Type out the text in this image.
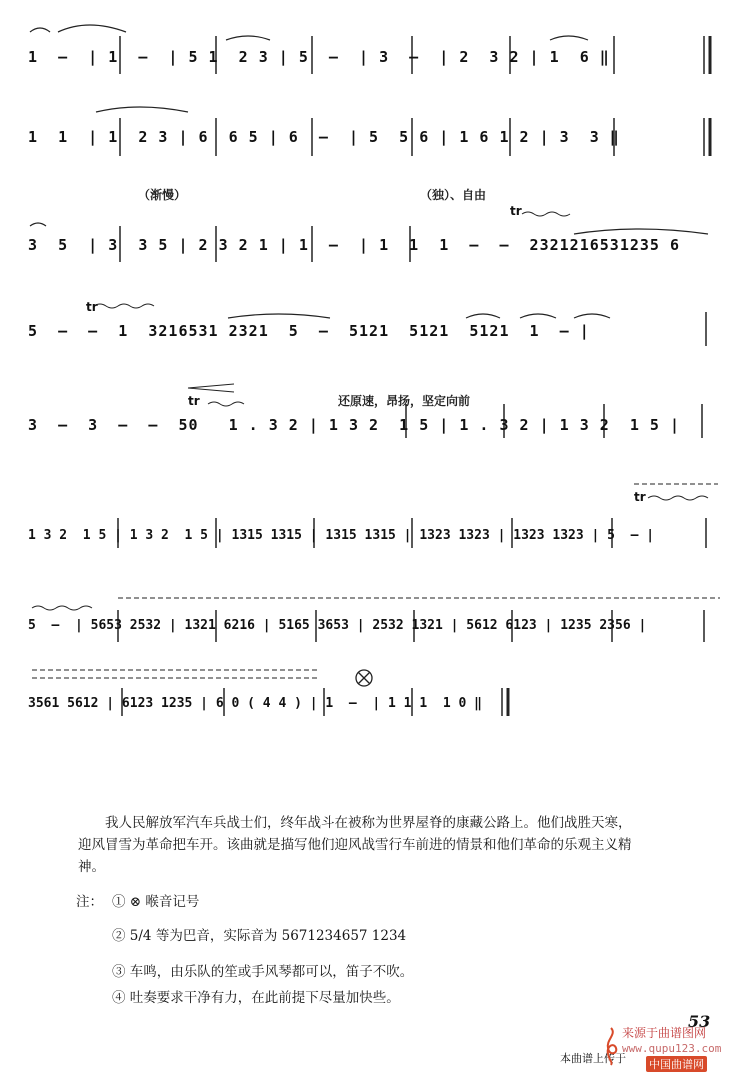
1  –  | 1  –  | 5 1  2 3 | 5  –  | 3  –  | 2  3 2 | 1  6 ‖
1  1  | 1  2 3 | 6  6 5 | 6  –  | 5  5 6 | 1 6 1 2 | 3  3 ‖
（渐慢）	（独）、自由
tr
3  5  | 3  3 5 | 2 3 2 1 | 1  –  | 1  1  1  –  –  2321216531235 6
tr
5  –  –  1  3216531 2321  5  –  5121  5121  5121  1  – |
还原速，昂扬，坚定向前
tr
3  –  3  –  –  50   1 . 3 2 | 1 3 2  1 5 | 1 . 3 2 | 1 3 2  1 5 |
tr
1 3 2  1 5 | 1 3 2  1 5 | 1315 1315 | 1315 1315 | 1323 1323 | 1323 1323 | 5  – |
5  –  | 5653 2532 | 1321 6216 | 5165 3653 | 2532 1321 | 5612 6123 | 1235 2356 |
3561 5612 | 6123 1235 | 6 0 ( 4 4 ) | 1  –  | 1 1 1  1 0 ‖

我人民解放军汽车兵战士们，终年战斗在被称为世界屋脊的康藏公路上。他们战胜天寒，迎风冒雪为革命把车开。该曲就是描写他们迎风战雪行车前进的情景和他们革命的乐观主义精神。

注： ① ⊗ 喉音记号
② 5/4 等为巴音，实际音为 5671234657 1234
③ 车鸣，由乐队的笙或手风琴都可以，笛子不吹。
④ 吐奏要求干净有力，在此前提下尽量加快些。
53
本曲谱上传于
来源于曲谱图网
www.qupu123.com
中国曲谱网
